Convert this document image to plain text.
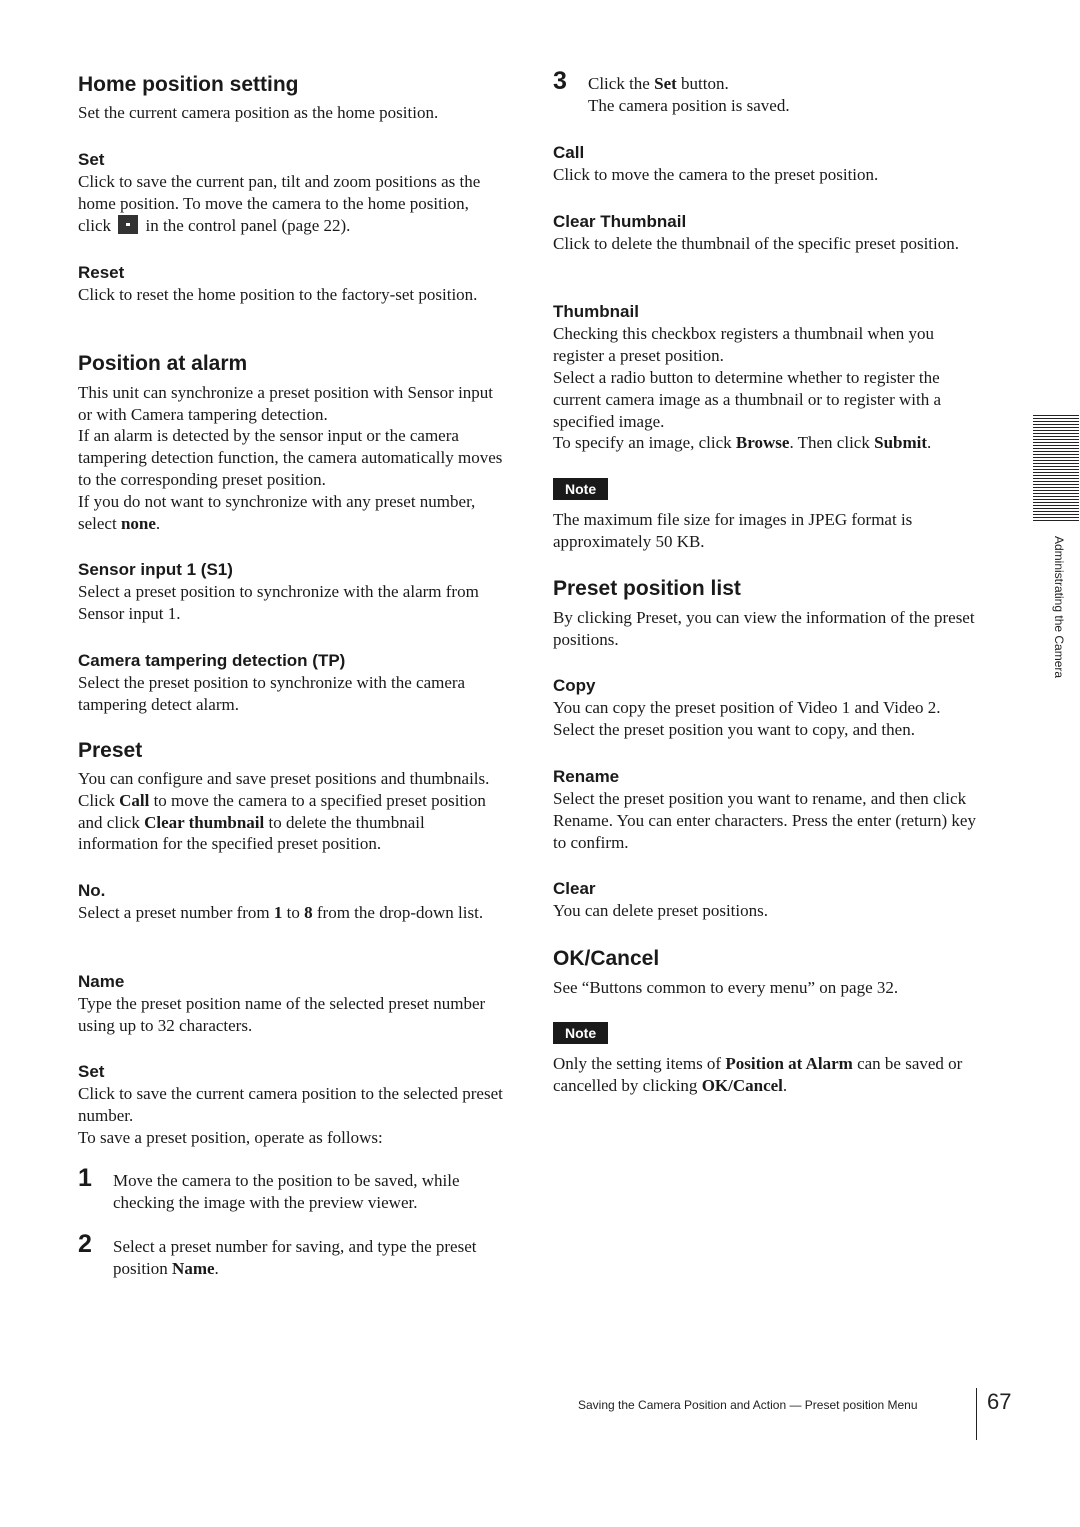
Home position setting

Set the current camera position as the home position.

Set

Click to save the current pan, tilt and zoom positions as the home position. To move the camera to the home position, click in the control panel (page 22).

Reset

Click to reset the home position to the factory-set position.

Position at alarm

This unit can synchronize a preset position with Sensor input or with Camera tampering detection.

If an alarm is detected by the sensor input or the camera tampering detection function, the camera automatically moves to the corresponding preset position.

If you do not want to synchronize with any preset number, select none.

Sensor input 1 (S1)

Select a preset position to synchronize with the alarm from Sensor input 1.

Camera tampering detection (TP)

Select the preset position to synchronize with the camera tampering detect alarm.

Preset

You can configure and save preset positions and thumbnails. Click Call to move the camera to a specified preset position and click Clear thumbnail to delete the thumbnail information for the specified preset position.

No.

Select a preset number from 1 to 8 from the drop-down list.

Name

Type the preset position name of the selected preset number using up to 32 characters.

Set

Click to save the current camera position to the selected preset number.

To save a preset position, operate as follows:

1 Move the camera to the position to be saved, while checking the image with the preview viewer.

2 Select a preset number for saving, and type the preset position Name.

3 Click the Set button.
The camera position is saved.

Call

Click to move the camera to the preset position.

Clear Thumbnail

Click to delete the thumbnail of the specific preset position.

Thumbnail

Checking this checkbox registers a thumbnail when you register a preset position.

Select a radio button to determine whether to register the current camera image as a thumbnail or to register with a specified image.

To specify an image, click Browse. Then click Submit.

Note

The maximum file size for images in JPEG format is approximately 50 KB.

Preset position list

By clicking Preset, you can view the information of the preset positions.

Copy

You can copy the preset position of Video 1 and Video 2. Select the preset position you want to copy, and then.

Rename

Select the preset position you want to rename, and then click Rename. You can enter characters. Press the enter (return) key to confirm.

Clear

You can delete preset positions.

OK/Cancel

See “Buttons common to every menu” on page 32.

Note

Only the setting items of Position at Alarm can be saved or cancelled by clicking OK/Cancel.

Administrating the Camera
Saving the Camera Position and Action — Preset position Menu	67
